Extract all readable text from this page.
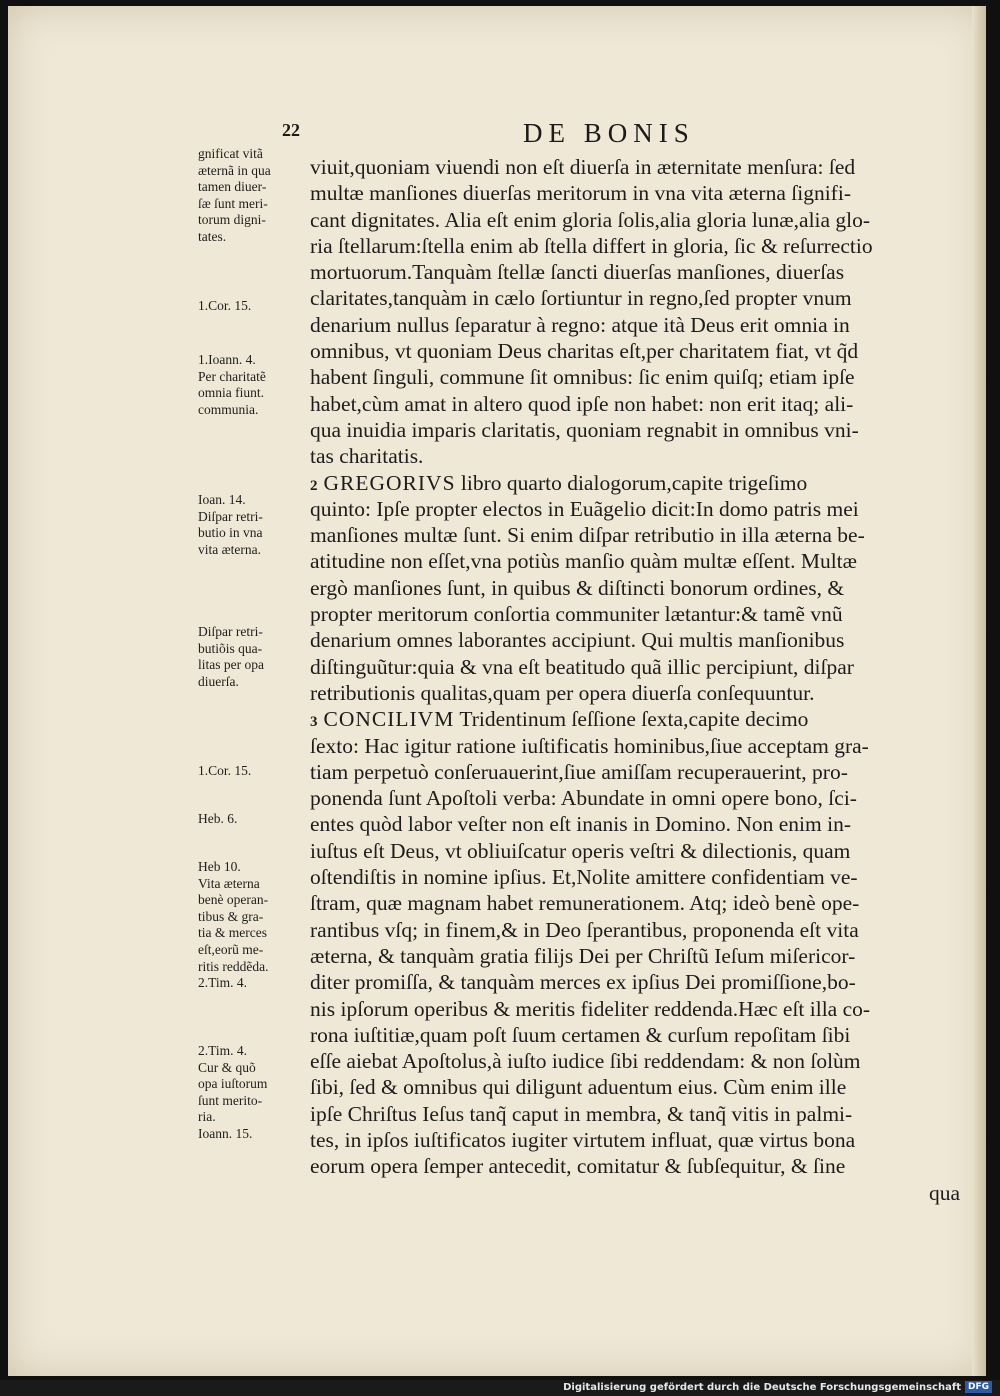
22	DE BONIS
gnificat vitã
æternã in qua
tamen diuer-
ſæ ſunt meri-
torum digni-
tates.
1.Cor. 15.
1.Ioann. 4.
Per charitatẽ
omnia fiunt.
communia.
Ioan. 14.
Diſpar retri-
butio in vna
vita æterna.
Diſpar retri-
butiõis qua-
litas per opa
diuerſa.
1.Cor. 15.
Heb. 6.
Heb 10.
Vita æterna
benè operan-
tibus & gra-
tia & merces
eſt,eorũ me-
ritis reddẽda.
2.Tim. 4.
2.Tim. 4.
Cur & quõ
opa iuſtorum
ſunt merito-
ria.
Ioann. 15.
viuit,quoniam viuendi non eſt diuerſa in æternitate menſura: ſed
multæ manſiones diuerſas meritorum in vna vita æterna ſignifi-
cant dignitates. Alia eſt enim gloria ſolis,alia gloria lunæ,alia glo-
ria ſtellarum:ſtella enim ab ſtella differt in gloria, ſic & reſurrectio
mortuorum.Tanquàm ſtellæ ſancti diuerſas manſiones, diuerſas
claritates,tanquàm in cælo ſortiuntur in regno,ſed propter vnum
denarium nullus ſeparatur à regno: atque ità Deus erit omnia in
omnibus, vt quoniam Deus charitas eſt,per charitatem fiat, vt q̃d
habent ſinguli, commune ſit omnibus: ſic enim quiſq; etiam ipſe
habet,cùm amat in altero quod ipſe non habet: non erit itaq; ali-
qua inuidia imparis claritatis, quoniam regnabit in omnibus vni-
tas charitatis.
2 GREGORIVS libro quarto dialogorum,capite trigeſimo
quinto: Ipſe propter electos in Euãgelio dicit:In domo patris mei
manſiones multæ ſunt. Si enim diſpar retributio in illa æterna be-
atitudine non eſſet,vna potiùs manſio quàm multæ eſſent. Multæ
ergò manſiones ſunt, in quibus & diſtincti bonorum ordines, &
propter meritorum conſortia communiter lætantur:& tamẽ vnũ
denarium omnes laborantes accipiunt. Qui multis manſionibus
diſtinguũtur:quia & vna eſt beatitudo quã illic percipiunt, diſpar
retributionis qualitas,quam per opera diuerſa conſequuntur.
3 CONCILIVM Tridentinum ſeſſione ſexta,capite decimo
ſexto: Hac igitur ratione iuſtificatis hominibus,ſiue acceptam gra-
tiam perpetuò conſeruauerint,ſiue amiſſam recuperauerint, pro-
ponenda ſunt Apoſtoli verba: Abundate in omni opere bono, ſci-
entes quòd labor veſter non eſt inanis in Domino. Non enim in-
iuſtus eſt Deus, vt obliuiſcatur operis veſtri & dilectionis, quam
oſtendiſtis in nomine ipſius. Et,Nolite amittere confidentiam ve-
ſtram, quæ magnam habet remunerationem. Atq; ideò benè ope-
rantibus vſq; in finem,& in Deo ſperantibus, proponenda eſt vita
æterna, & tanquàm gratia filijs Dei per Chriſtũ Ieſum miſericor-
diter promiſſa, & tanquàm merces ex ipſius Dei promiſſione,bo-
nis ipſorum operibus & meritis fideliter reddenda.Hæc eſt illa co-
rona iuſtitiæ,quam poſt ſuum certamen & curſum repoſitam ſibi
eſſe aiebat Apoſtolus,à iuſto iudice ſibi reddendam: & non ſolùm
ſibi, ſed & omnibus qui diligunt aduentum eius. Cùm enim ille
ipſe Chriſtus Ieſus tanq̃ caput in membra, & tanq̃ vitis in palmi-
tes, in ipſos iuſtificatos iugiter virtutem influat, quæ virtus bona
eorum opera ſemper antecedit, comitatur & ſubſequitur, & ſine
qua
Digitalisierung gefördert durch die Deutsche Forschungsgemeinschaft DFG
